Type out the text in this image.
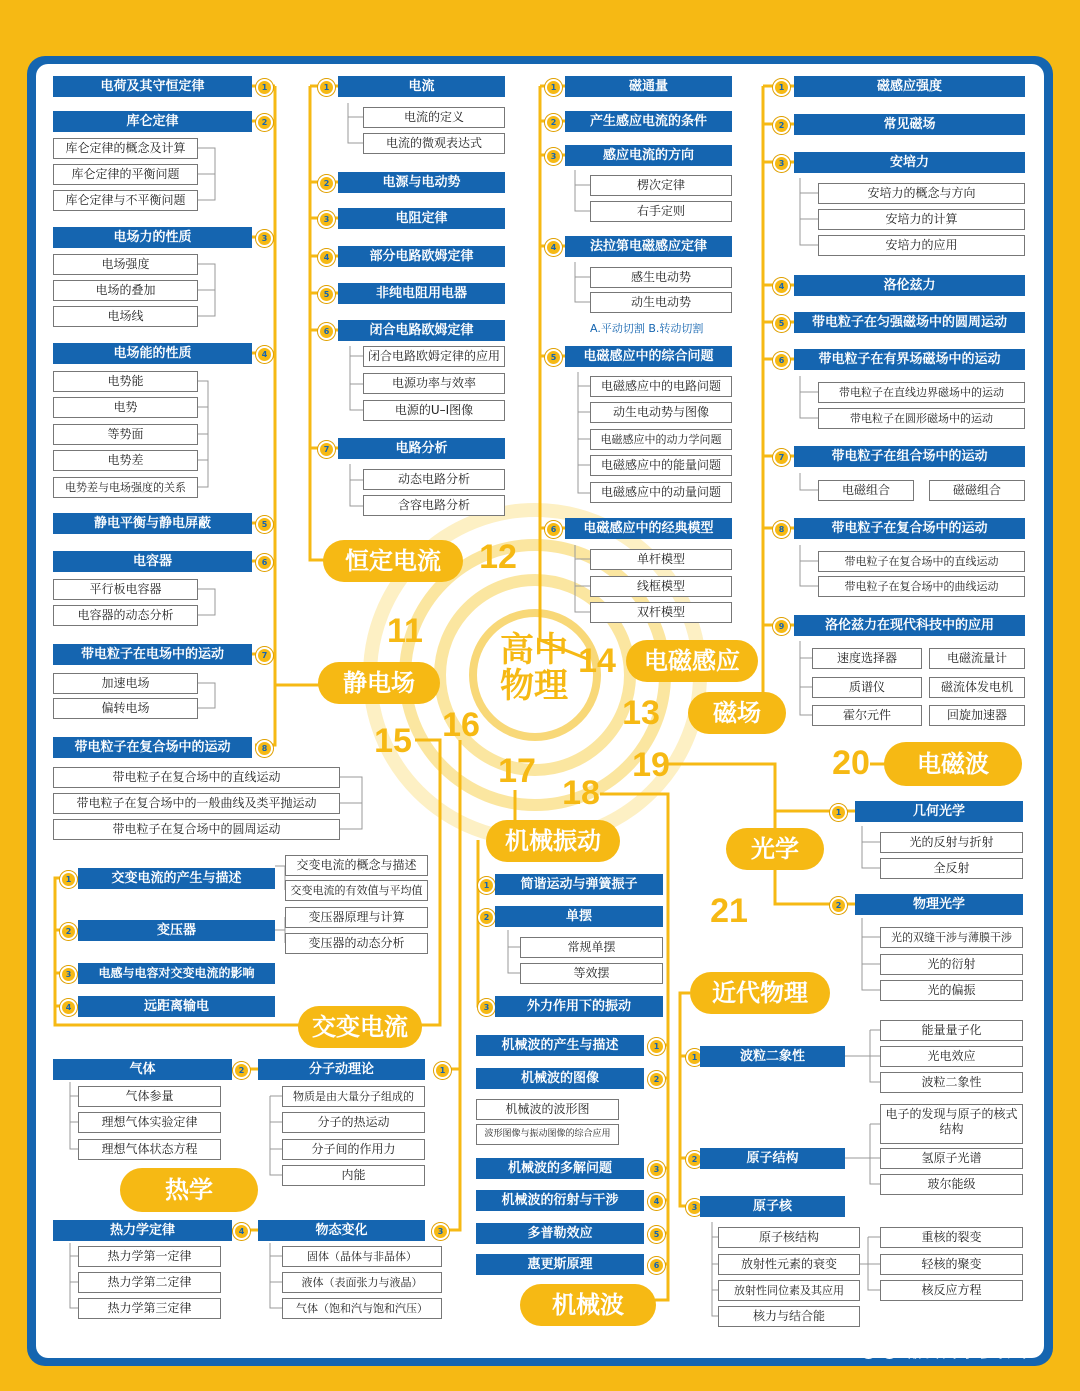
电荷及其守恒定律	1
库仑定律	2
库仑定律的概念及计算
库仑定律的平衡问题
库仑定律与不平衡问题
电场力的性质	3
电场强度
电场的叠加
电场线
电场能的性质	4
电势能
电势
等势面
电势差
电势差与电场强度的关系
静电平衡与静电屏蔽	5
电容器	6
平行板电容器
电容器的动态分析
带电粒子在电场中的运动	7
加速电场
偏转电场
带电粒子在复合场中的运动	8
带电粒子在复合场中的直线运动
带电粒子在复合场中的一般曲线及类平抛运动
带电粒子在复合场中的圆周运动
1	电流
电流的定义
电流的微观表达式
2	电源与电动势
3	电阻定律
4	部分电路欧姆定律
5	非纯电阻用电器
6	闭合电路欧姆定律
闭合电路欧姆定律的应用
电源功率与效率
电源的U–I图像
7	电路分析
动态电路分析
含容电路分析
1	磁通量
2	产生感应电流的条件
3	感应电流的方向
楞次定律
右手定则
4	法拉第电磁感应定律
感生电动势
动生电动势
A.平动切割 B.转动切割
5	电磁感应中的综合问题
电磁感应中的电路问题
动生电动势与图像
电磁感应中的动力学问题
电磁感应中的能量问题
电磁感应中的动量问题
6	电磁感应中的经典模型
单杆模型
线框模型
双杆模型
1	磁感应强度
2	常见磁场
3	安培力
安培力的概念与方向
安培力的计算
安培力的应用
4	洛伦兹力
5	带电粒子在匀强磁场中的圆周运动
6	带电粒子在有界场磁场中的运动
带电粒子在直线边界磁场中的运动
带电粒子在圆形磁场中的运动
7	带电粒子在组合场中的运动
电磁组合	磁磁组合
8	带电粒子在复合场中的运动
带电粒子在复合场中的直线运动
带电粒子在复合场中的曲线运动
9	洛伦兹力在现代科技中的应用
速度选择器	电磁流量计
质谱仪	磁流体发电机
霍尔元件	回旋加速器
1	交变电流的产生与描述
交变电流的概念与描述
交变电流的有效值与平均值
2	变压器
变压器原理与计算
变压器的动态分析
3	电感与电容对交变电流的影响
4	远距离输电
气体	2
气体参量
理想气体实验定律
理想气体状态方程
分子动理论	1
物质是由大量分子组成的
分子的热运动
分子间的作用力
内能
热力学定律	4
热力学第一定律
热力学第二定律
热力学第三定律
物态变化	3
固体（晶体与非晶体）
液体（表面张力与液晶）
气体（饱和汽与饱和汽压）
1	简谐运动与弹簧振子
2	单摆
常规单摆
等效摆
3	外力作用下的振动
机械波的产生与描述	1
机械波的图像	2
机械波的波形图
波形图像与振动图像的综合应用
机械波的多解问题	3
机械波的衍射与干涉	4
多普勒效应	5
惠更斯原理	6
1	几何光学
光的反射与折射
全反射
2	物理光学
光的双缝干涉与薄膜干涉
光的衍射
光的偏振
1	波粒二象性
能量量子化
光电效应
波粒二象性
2	原子结构
电子的发现与原子的核式结构
氢原子光谱
玻尔能级
3	原子核
原子核结构
放射性元素的衰变
放射性同位素及其应用
核力与结合能
重核的裂变
轻核的聚变
核反应方程
恒定电流	12
11
静电场
高中
物理
14	电磁感应
13	磁场
15 16
17
18
19	20	电磁波
机械振动	光学
21
近代物理
交变电流
热学
机械波
●● 鹏城家委会
